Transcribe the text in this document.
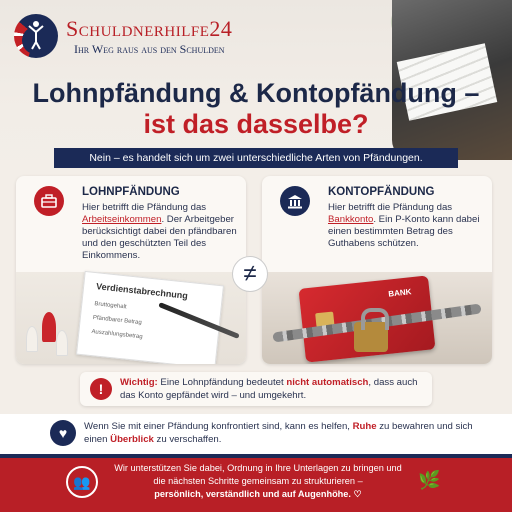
Schuldnerhilfe24
Ihr Weg raus aus den Schulden
Lohnpfändung & Kontopfändung –
ist das dasselbe?
Nein – es handelt sich um zwei unterschiedliche Arten von Pfändungen.
LOHNPFÄNDUNG
Hier betrifft die Pfändung das Arbeitseinkommen. Der Arbeitgeber berücksichtigt dabei den pfändbaren und den geschützten Teil des Einkommens.
Verdienstabrechnung
Bruttogehalt
Pfändbarer Betrag
Auszahlungsbetrag
KONTOPFÄNDUNG
Hier betrifft die Pfändung das Bankkonto. Ein P-Konto kann dabei einen bestimmten Betrag des Guthabens schützen.
BANK
≠
!	Wichtig: Eine Lohnpfändung bedeutet nicht automatisch, dass auch das Konto gepfändet wird – und umgekehrt.
♥	Wenn Sie mit einer Pfändung konfrontiert sind, kann es helfen, Ruhe zu bewahren und sich einen Überblick zu verschaffen.
👥
Wir unterstützen Sie dabei, Ordnung in Ihre Unterlagen zu bringen und die nächsten Schritte gemeinsam zu strukturieren –
persönlich, verständlich und auf Augenhöhe. ♡
🌿
